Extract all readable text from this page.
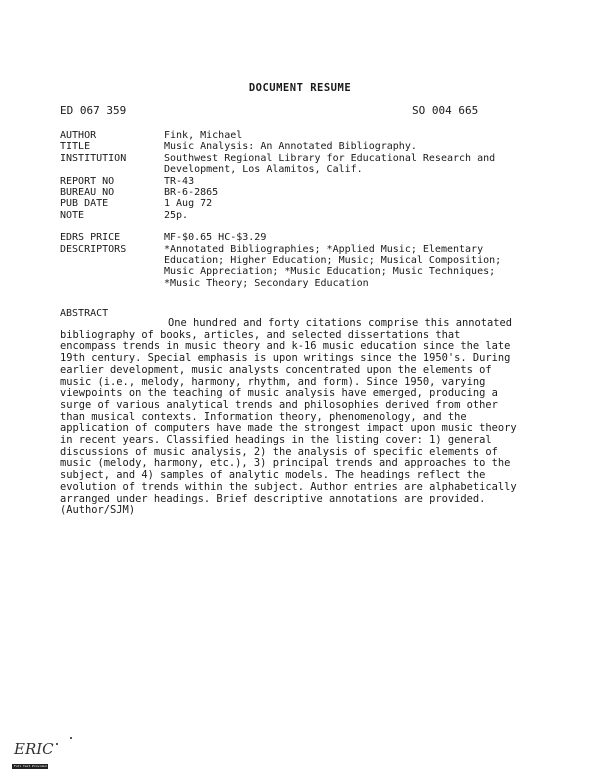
DOCUMENT RESUME
ED 067 359	SO 004 665
AUTHOR	Fink, Michael
TITLE	Music Analysis: An Annotated Bibliography.
INSTITUTION	Southwest Regional Library for Educational Research and Development, Los Alamitos, Calif.
REPORT NO	TR-43
BUREAU NO	BR-6-2865
PUB DATE	1 Aug 72
NOTE	25p.
EDRS PRICE	MF-$0.65 HC-$3.29
DESCRIPTORS	*Annotated Bibliographies; *Applied Music; Elementary Education; Higher Education; Music; Musical Composition; Music Appreciation; *Music Education; Music Techniques; *Music Theory; Secondary Education
ABSTRACT

One hundred and forty citations comprise this annotated bibliography of books, articles, and selected dissertations that encompass trends in music theory and k-16 music education since the late 19th century. Special emphasis is upon writings since the 1950's. During earlier development, music analysts concentrated upon the elements of music (i.e., melody, harmony, rhythm, and form). Since 1950, varying viewpoints on the teaching of music analysis have emerged, producing a surge of various analytical trends and philosophies derived from other than musical contexts. Information theory, phenomenology, and the application of computers have made the strongest impact upon music theory in recent years. Classified headings in the listing cover: 1) general discussions of music analysis, 2) the analysis of specific elements of music (melody, harmony, etc.), 3) principal trends and approaches to the subject, and 4) samples of analytic models. The headings reflect the evolution of trends within the subject. Author entries are alphabetically arranged under headings. Brief descriptive annotations are provided. (Author/SJM)

ERIC
Full Text Provided by ERIC
